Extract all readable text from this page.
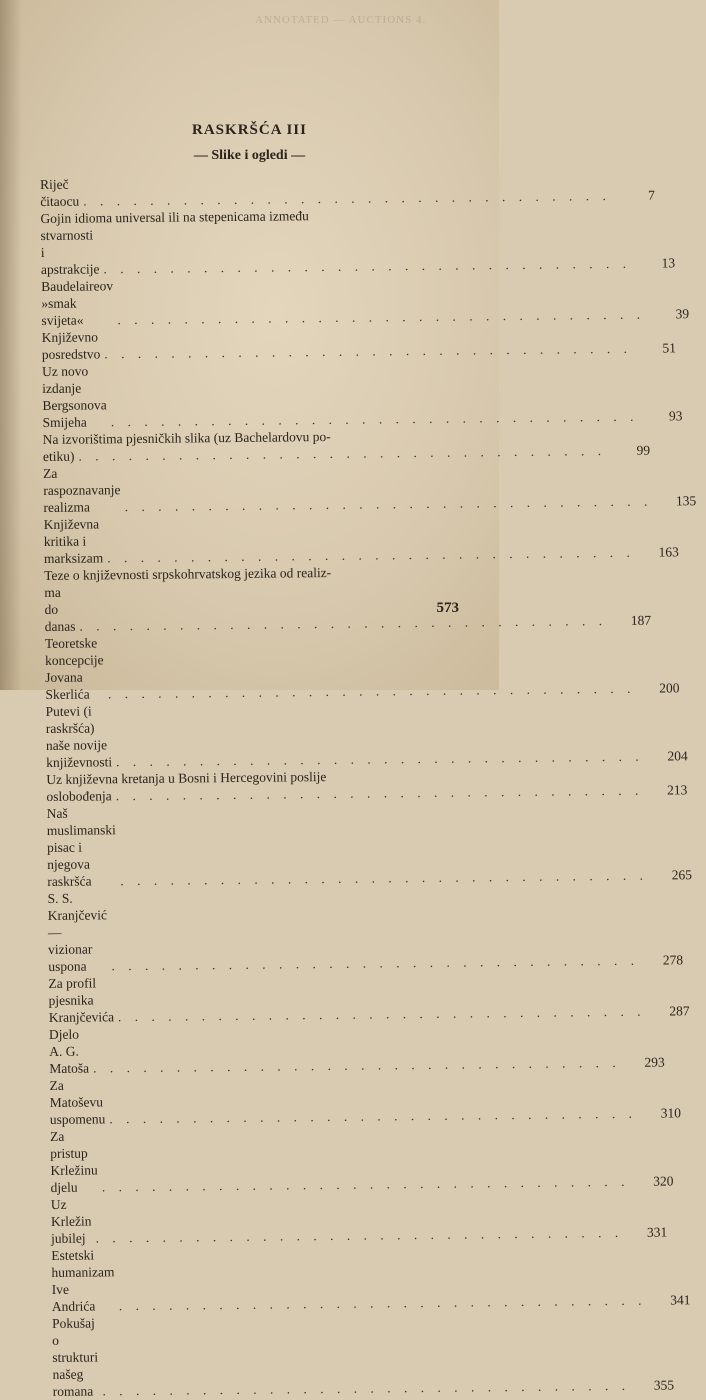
ANNOTATED — AUCTIONS 4.
RASKRŠĆA III
— Slike i ogledi —
Riječ čitaocu . . . . . . . . . . . . . . . . . . . . . . . . . . . . . . . .	7
Gojin idioma universal ili na stepenicama između
stvarnosti i apstrakcije . . . . . . . . . . . . . . . . . . . . . . . . . . . . . . . .	13
Baudelaireov »smak svijeta«	. . . . . . . . . . . . . . . . . . . . . . . . . . . . . . . .	39
Književno posredstvo . . . . . . . . . . . . . . . . . . . . . . . . . . . . . . . .	51
Uz novo izdanje Bergsonova Smijeha	. . . . . . . . . . . . . . . . . . . . . . . . . . . . . . . .	93
Na izvorištima pjesničkih slika (uz Bachelardovu po-
etiku) . . . . . . . . . . . . . . . . . . . . . . . . . . . . . . . .	99
Za raspoznavanje realizma	. . . . . . . . . . . . . . . . . . . . . . . . . . . . . . . .	135
Književna kritika i marksizam . . . . . . . . . . . . . . . . . . . . . . . . . . . . . . . .	163
Teze o književnosti srpskohrvatskog jezika od realiz-
ma do danas . . . . . . . . . . . . . . . . . . . . . . . . . . . . . . . .	187
Teoretske koncepcije Jovana Skerlića	. . . . . . . . . . . . . . . . . . . . . . . . . . . . . . . .	200
Putevi (i raskršća) naše novije književnosti . . . . . . . . . . . . . . . . . . . . . . . . . . . . . . . .	204
Uz književna kretanja u Bosni i Hercegovini poslije
oslobođenja . . . . . . . . . . . . . . . . . . . . . . . . . . . . . . . .	213
Naš muslimanski pisac i njegova raskršća	. . . . . . . . . . . . . . . . . . . . . . . . . . . . . . . .	265
S. S. Kranjčević — vizionar uspona	. . . . . . . . . . . . . . . . . . . . . . . . . . . . . . . .	278
Za profil pjesnika Kranjčevića . . . . . . . . . . . . . . . . . . . . . . . . . . . . . . . .	287
Djelo A. G. Matoša . . . . . . . . . . . . . . . . . . . . . . . . . . . . . . . .	293
Za Matoševu uspomenu . . . . . . . . . . . . . . . . . . . . . . . . . . . . . . . .	310
Za pristup Krležinu djelu	. . . . . . . . . . . . . . . . . . . . . . . . . . . . . . . .	320
Uz Krležin jubilej . . . . . . . . . . . . . . . . . . . . . . . . . . . . . . . .	331
Estetski humanizam Ive Andrića	. . . . . . . . . . . . . . . . . . . . . . . . . . . . . . . .	341
Pokušaj o strukturi našeg romana . . . . . . . . . . . . . . . . . . . . . . . . . . . . . . . .	355
573
